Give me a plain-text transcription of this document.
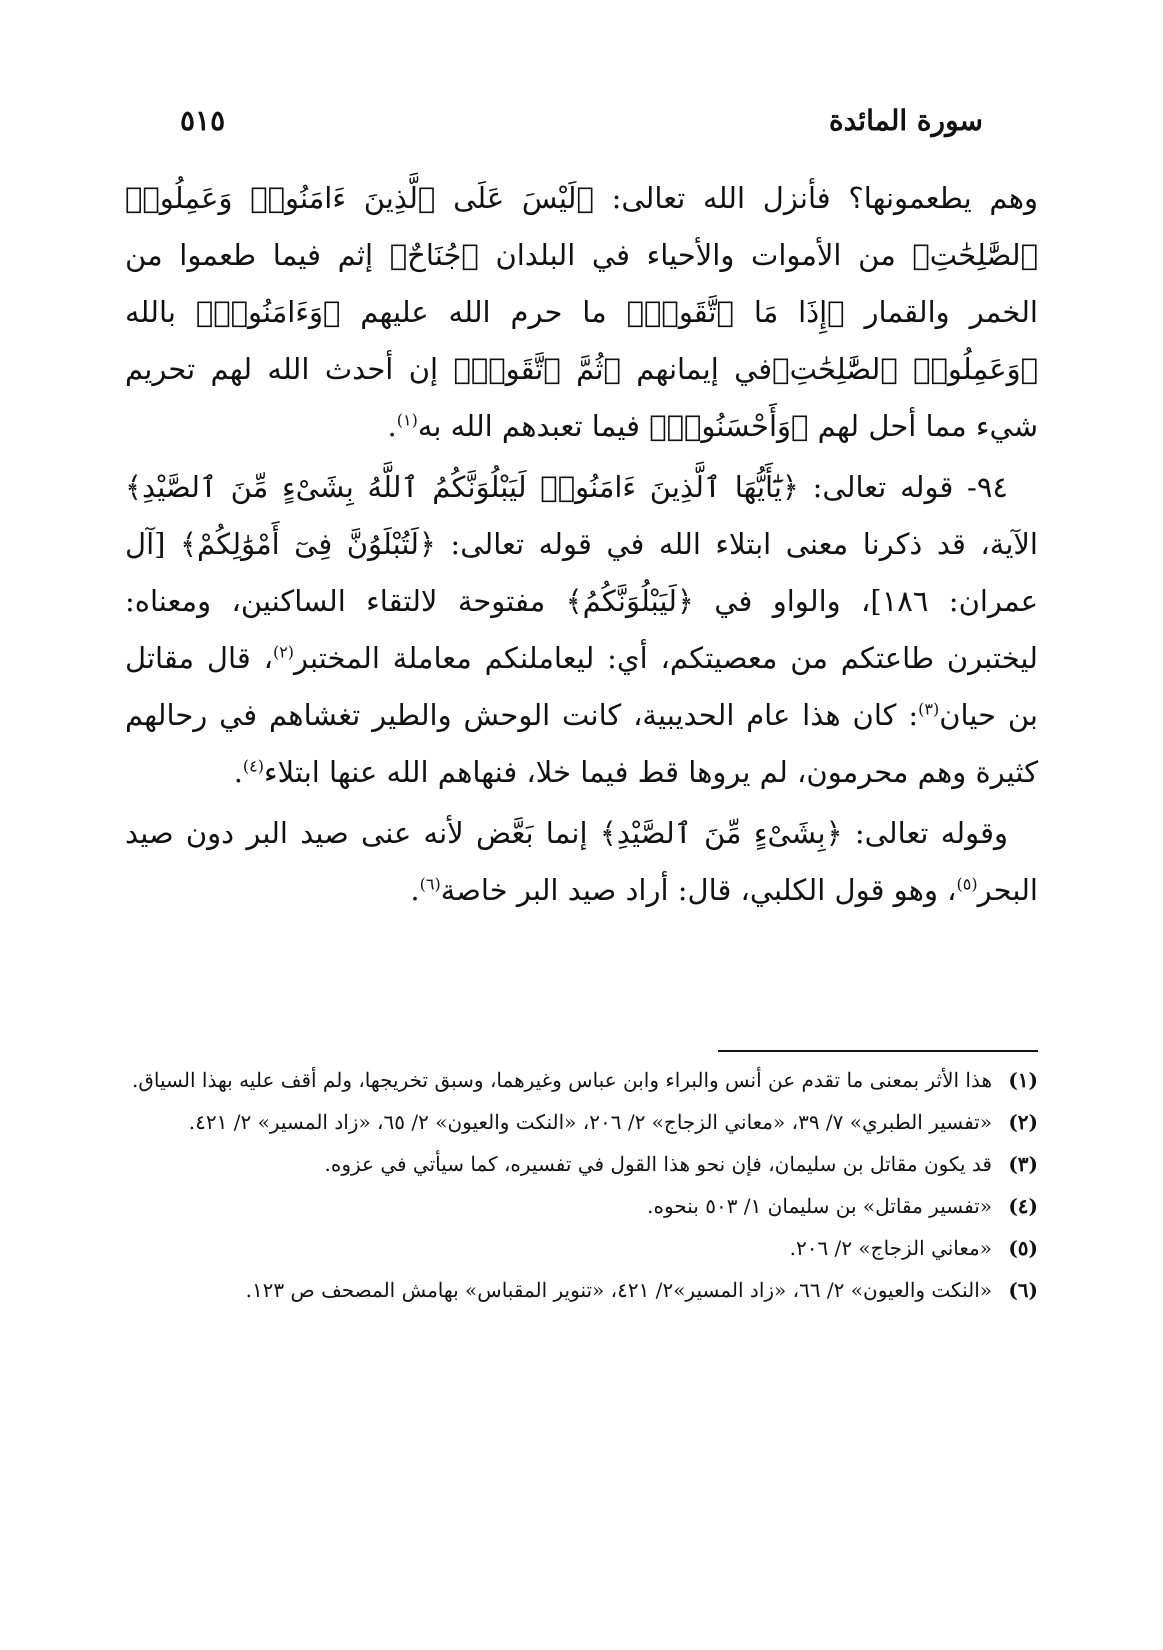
سورة المائدة
٥١٥

وهم يطعمونها؟ فأنزل الله تعالى: ﴿لَيْسَ عَلَى ٱلَّذِينَ ءَامَنُوا۟ وَعَمِلُوا۟ ٱلصَّٰلِحَٰتِ﴾ من الأموات والأحياء في البلدان ﴿جُنَاحٌ﴾ إثم فيما طعموا من الخمر والقمار ﴿إِذَا مَا ٱتَّقَوا۟﴾ ما حرم الله عليهم ﴿وَءَامَنُوا۟﴾ بالله ﴿وَعَمِلُوا۟ ٱلصَّٰلِحَٰتِ﴾في إيمانهم ﴿ثُمَّ ٱتَّقَوا۟﴾ إن أحدث الله لهم تحريم شيء مما أحل لهم ﴿وَأَحْسَنُوا۟﴾ فيما تعبدهم الله به$^{(١)}$.

٩٤- قوله تعالى: ﴿يَٰٓأَيُّهَا ٱلَّذِينَ ءَامَنُوا۟ لَيَبْلُوَنَّكُمُ ٱللَّهُ بِشَىْءٍ مِّنَ ٱلصَّيْدِ﴾ الآية، قد ذكرنا معنى ابتلاء الله في قوله تعالى: ﴿لَتُبْلَوُنَّ فِىٓ أَمْوَٰلِكُمْ﴾ [آل عمران: ١٨٦]، والواو في ﴿لَيَبْلُوَنَّكُمُ﴾ مفتوحة لالتقاء الساكنين، ومعناه: ليختبرن طاعتكم من معصيتكم، أي: ليعاملنكم معاملة المختبر$^{(٢)}$، قال مقاتل بن حيان$^{(٣)}$: كان هذا عام الحديبية، كانت الوحش والطير تغشاهم في رحالهم كثيرة وهم محرمون، لم يروها قط فيما خلا، فنهاهم الله عنها ابتلاء$^{(٤)}$.

وقوله تعالى: ﴿بِشَىْءٍ مِّنَ ٱلصَّيْدِ﴾ إنما بَعَّض لأنه عنى صيد البر دون صيد البحر$^{(٥)}$، وهو قول الكلبي، قال: أراد صيد البر خاصة$^{(٦)}$.

(١)
هذا الأثر بمعنى ما تقدم عن أنس والبراء وابن عباس وغيرهما، وسبق تخريجها، ولم أقف عليه بهذا السياق.
(٢)
«تفسير الطبري» ٧/ ٣٩، «معاني الزجاج» ٢/ ٢٠٦، «النكت والعيون» ٢/ ٦٥، «زاد المسير» ٢/ ٤٢١.
(٣)
قد يكون مقاتل بن سليمان، فإن نحو هذا القول في تفسيره، كما سيأتي في عزوه.
(٤)
«تفسير مقاتل» بن سليمان ١/ ٥٠٣ بنحوه.
(٥)
«معاني الزجاج» ٢/ ٢٠٦.
(٦)
«النكت والعيون» ٢/ ٦٦، «زاد المسير»٢/ ٤٢١، «تنوير المقباس» بهامش المصحف ص ١٢٣.
